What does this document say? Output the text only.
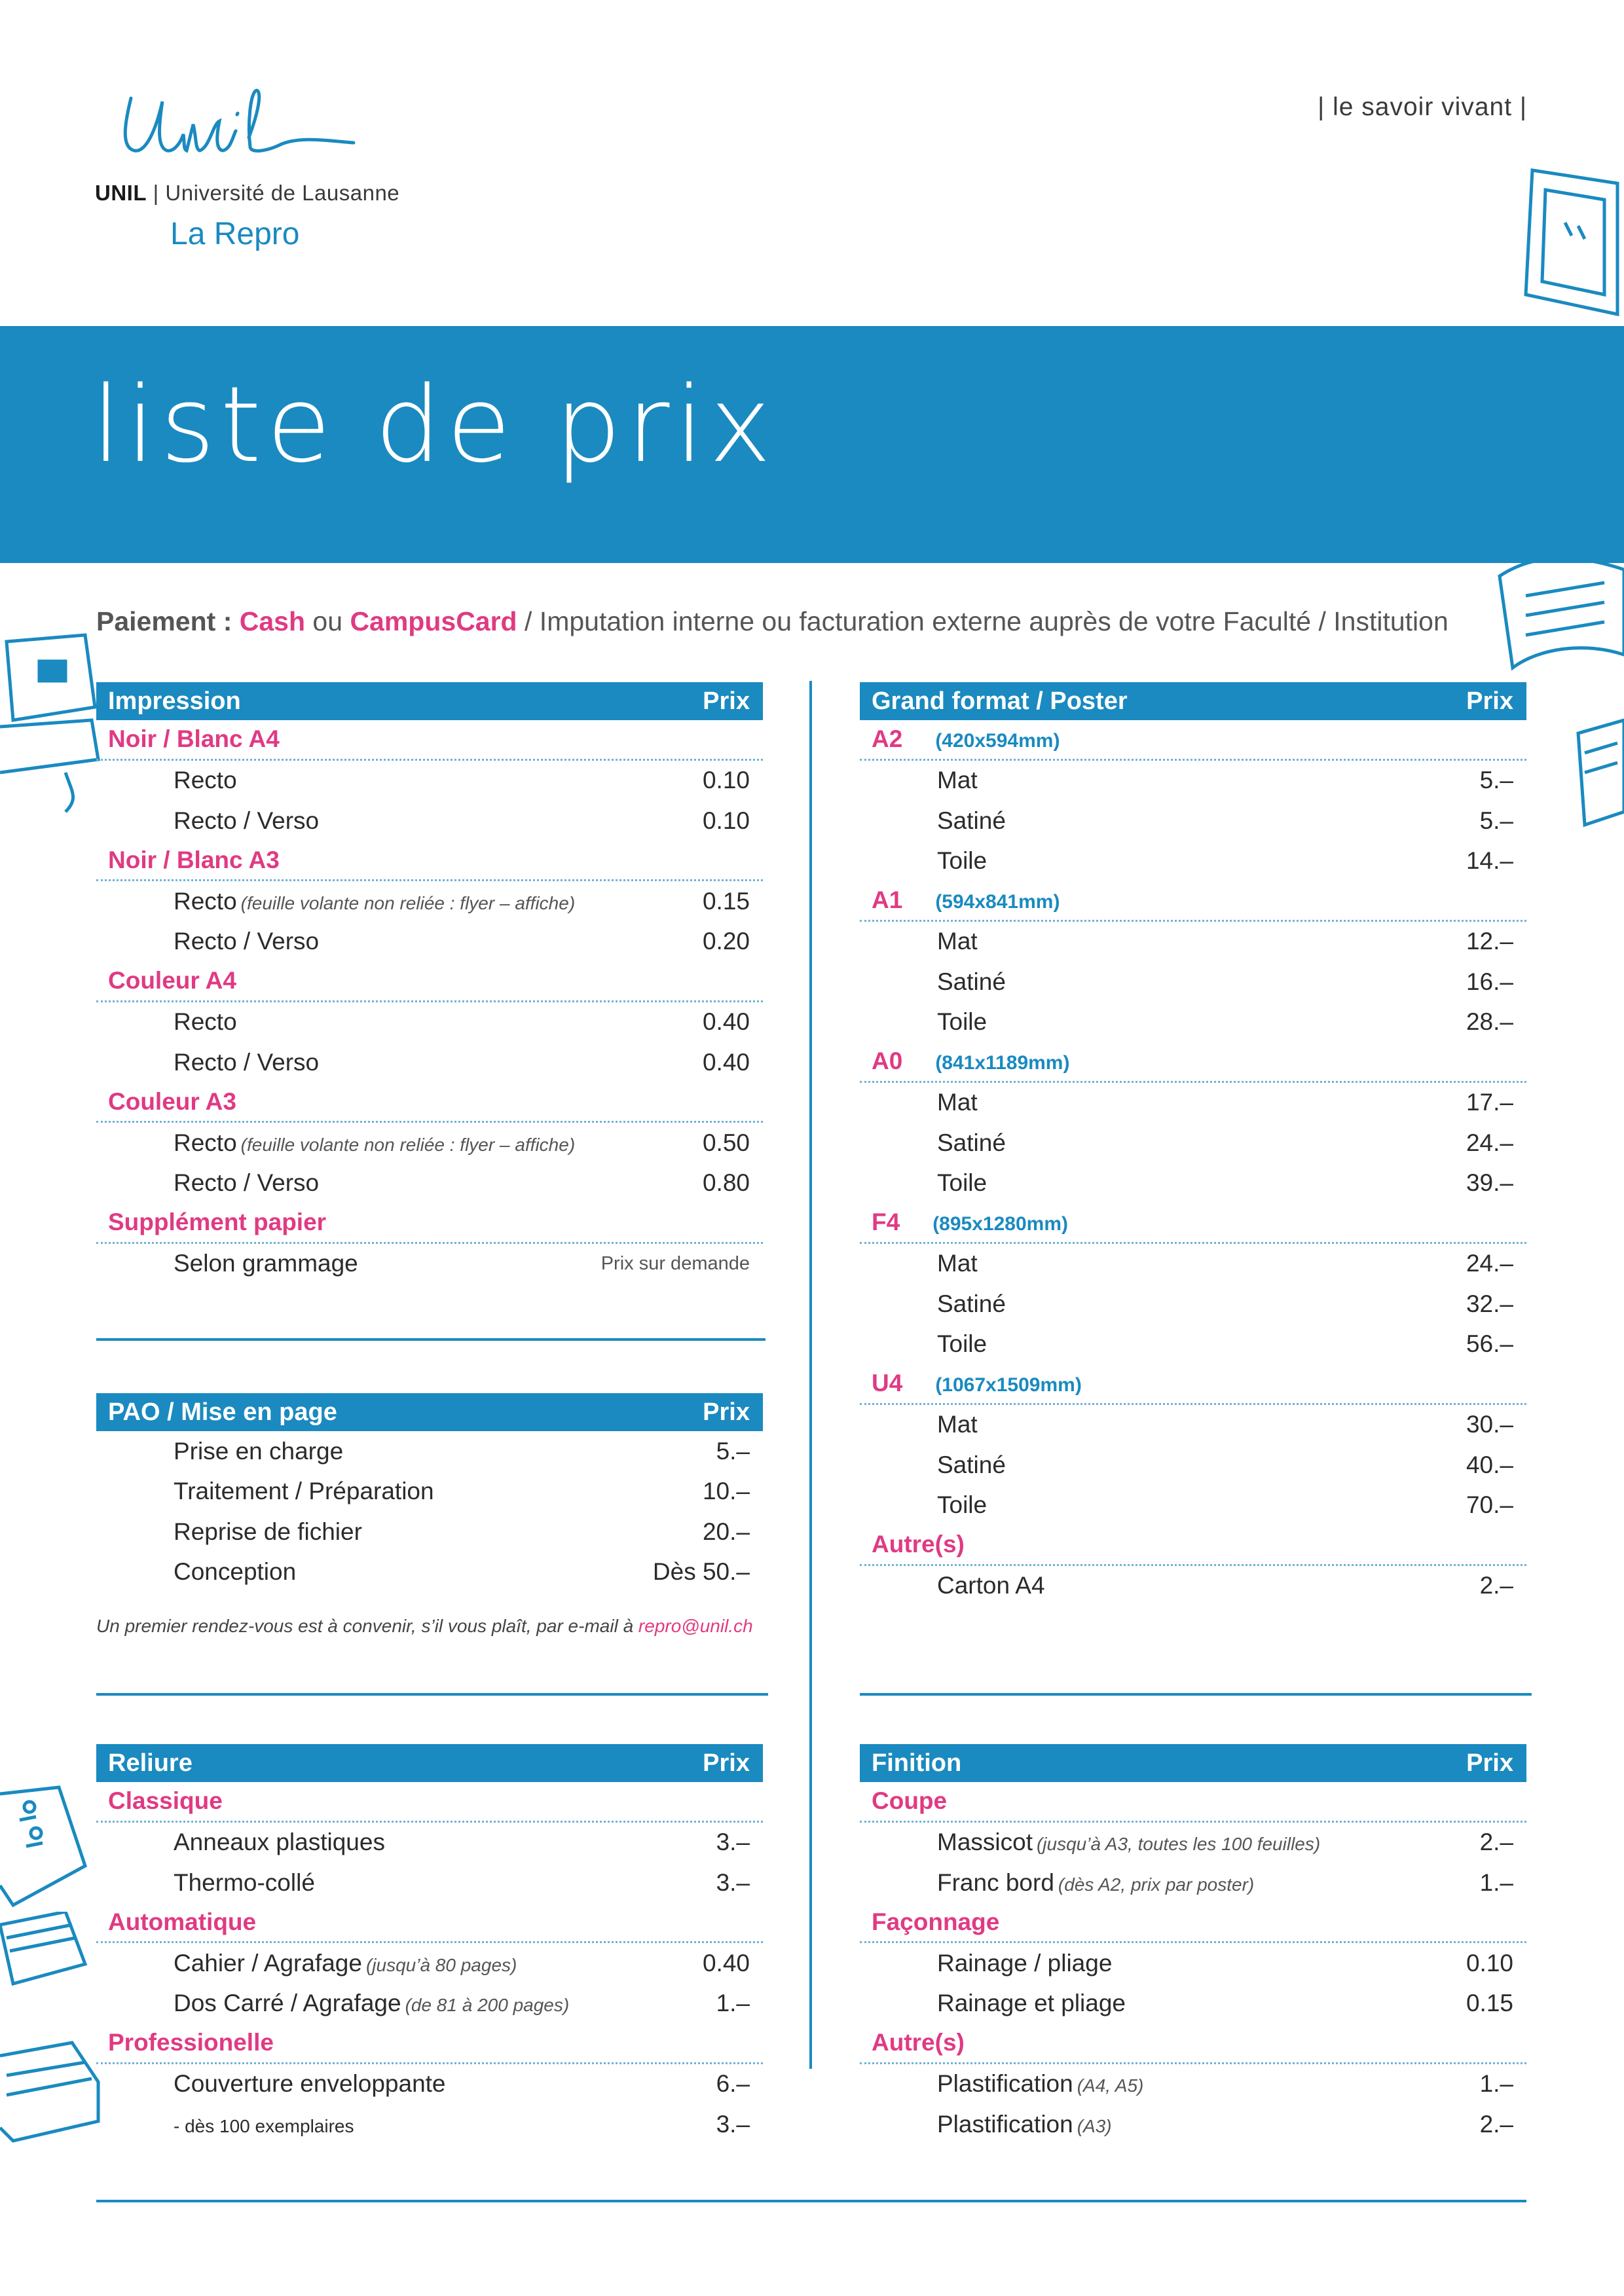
UNIL | Université de Lausanne
La Repro
| le savoir vivant |
liste de prix
Paiement : Cash ou CampusCard / Imputation interne ou facturation externe auprès de votre Faculté / Institution
Impression	Prix
Noir / Blanc A4
Recto	0.10
Recto / Verso	0.10
Noir / Blanc A3
Recto (feuille volante non reliée : flyer – affiche)	0.15
Recto / Verso	0.20
Couleur A4
Recto	0.40
Recto / Verso	0.40
Couleur A3
Recto (feuille volante non reliée : flyer – affiche)	0.50
Recto / Verso	0.80
Supplément papier
Selon grammage	Prix sur demande
PAO / Mise en page	Prix
Prise en charge	5.–
Traitement / Préparation	10.–
Reprise de fichier	20.–
Conception	Dès 50.–
Un premier rendez-vous est à convenir, s’il vous plaît, par e-mail à repro@unil.ch
Reliure	Prix
Classique
Anneaux plastiques	3.–
Thermo-collé	3.–
Automatique
Cahier / Agrafage (jusqu’à 80 pages)	0.40
Dos Carré / Agrafage (de 81 à 200 pages)	1.–
Professionelle
Couverture enveloppante	6.–
- dès 100 exemplaires	3.–
Grand format / Poster	Prix
A2 (420x594mm)
Mat	5.–
Satiné	5.–
Toile	14.–
A1 (594x841mm)
Mat	12.–
Satiné	16.–
Toile	28.–
A0 (841x1189mm)
Mat	17.–
Satiné	24.–
Toile	39.–
F4 (895x1280mm)
Mat	24.–
Satiné	32.–
Toile	56.–
U4 (1067x1509mm)
Mat	30.–
Satiné	40.–
Toile	70.–
Autre(s)
Carton A4	2.–
Finition	Prix
Coupe
Massicot (jusqu’à A3, toutes les 100 feuilles)	2.–
Franc bord (dès A2, prix par poster)	1.–
Façonnage
Rainage / pliage	0.10
Rainage et pliage	0.15
Autre(s)
Plastification (A4, A5)	1.–
Plastification (A3)	2.–
